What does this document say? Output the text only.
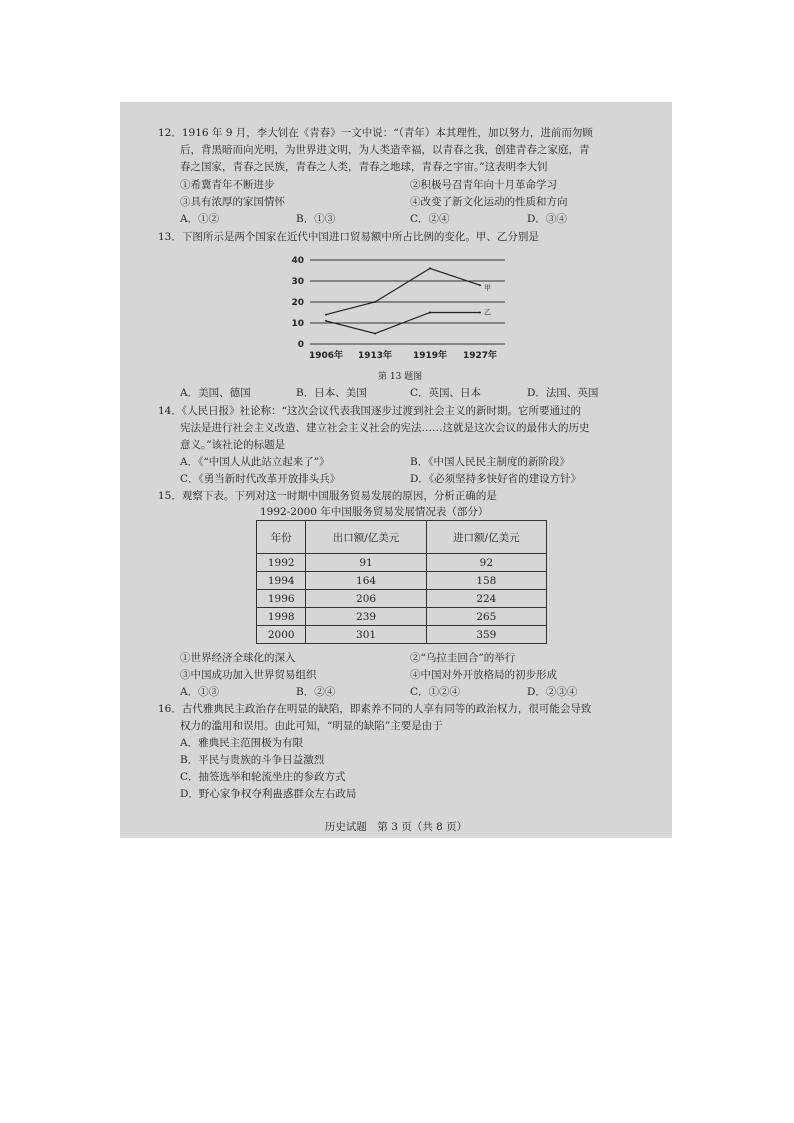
12．1916 年 9 月，李大钊在《青春》一文中说：“（青年）本其理性，加以努力，进前而勿顾
后，背黑暗而向光明，为世界进文明，为人类造幸福，以青春之我，创建青春之家庭，青
春之国家，青春之民族，青春之人类，青春之地球，青春之宇宙。”这表明李大钊
①希冀青年不断进步	②积极号召青年向十月革命学习
③具有浓厚的家国情怀	④改变了新文化运动的性质和方向
A．①②	B．①③	C．②④	D．③④
13．下图所示是两个国家在近代中国进口贸易额中所占比例的变化。甲、乙分别是
40
30
20
10
0
1906年 1913年 1919年 1927年
甲
乙
第 13 题图
A．美国、德国	B．日本、美国	C．英国、日本	D．法国、英国
14．《人民日报》社论称：“这次会议代表我国逐步过渡到社会主义的新时期。它所要通过的
宪法是进行社会主义改造、建立社会主义社会的宪法……这就是这次会议的最伟大的历史
意义。”该社论的标题是
A．《“中国人从此站立起来了”》	B．《中国人民民主制度的新阶段》
C．《勇当新时代改革开放排头兵》	D．《必须坚持多快好省的建设方针》
15．观察下表。下列对这一时期中国服务贸易发展的原因，分析正确的是
1992-2000 年中国服务贸易发展情况表（部分）
年份	出口额/亿美元	进口额/亿美元
1992	91	92
1994	164	158
1996	206	224
1998	239	265
2000	301	359
①世界经济全球化的深入	②“乌拉圭回合”的举行
③中国成功加入世界贸易组织	④中国对外开放格局的初步形成
A．①③	B．②④	C．①②④	D．②③④
16．古代雅典民主政治存在明显的缺陷，即素养不同的人享有同等的政治权力，很可能会导致
权力的滥用和误用。由此可知，“明显的缺陷”主要是由于
A．雅典民主范围极为有限
B．平民与贵族的斗争日益激烈
C．抽签选举和轮流坐庄的参政方式
D．野心家争权夺利蛊惑群众左右政局
历史试题　第 3 页（共 8 页）
